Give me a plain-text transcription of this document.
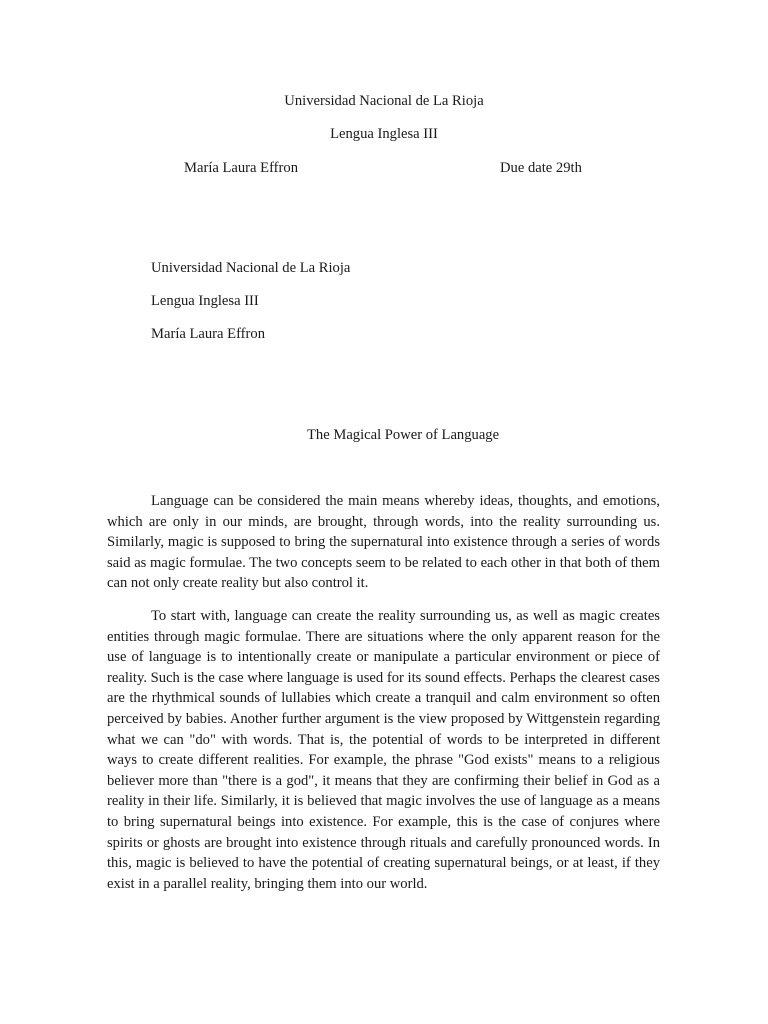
Universidad Nacional de La Rioja
Lengua Inglesa III
María Laura Effron	Due date 29th
Universidad Nacional de La Rioja
Lengua Inglesa III
María Laura Effron
The Magical Power of Language

Language can be considered the main means whereby ideas, thoughts, and emotions, which are only in our minds, are brought, through words, into the reality surrounding us. Similarly, magic is supposed to bring the supernatural into existence through a series of words said as magic formulae. The two concepts seem to be related to each other in that both of them can not only create reality but also control it.

To start with, language can create the reality surrounding us, as well as magic creates entities through magic formulae. There are situations where the only apparent reason for the use of language is to intentionally create or manipulate a particular environment or piece of reality. Such is the case where language is used for its sound effects. Perhaps the clearest cases are the rhythmical sounds of lullabies which create a tranquil and calm environment so often perceived by babies. Another further argument is the view proposed by Wittgenstein regarding what we can "do" with words. That is, the potential of words to be interpreted in different ways to create different realities. For example, the phrase "God exists" means to a religious believer more than "there is a god", it means that they are confirming their belief in God as a reality in their life. Similarly, it is believed that magic involves the use of language as a means to bring supernatural beings into existence. For example, this is the case of conjures where spirits or ghosts are brought into existence through rituals and carefully pronounced words. In this, magic is believed to have the potential of creating supernatural beings, or at least, if they exist in a parallel reality, bringing them into our world.
